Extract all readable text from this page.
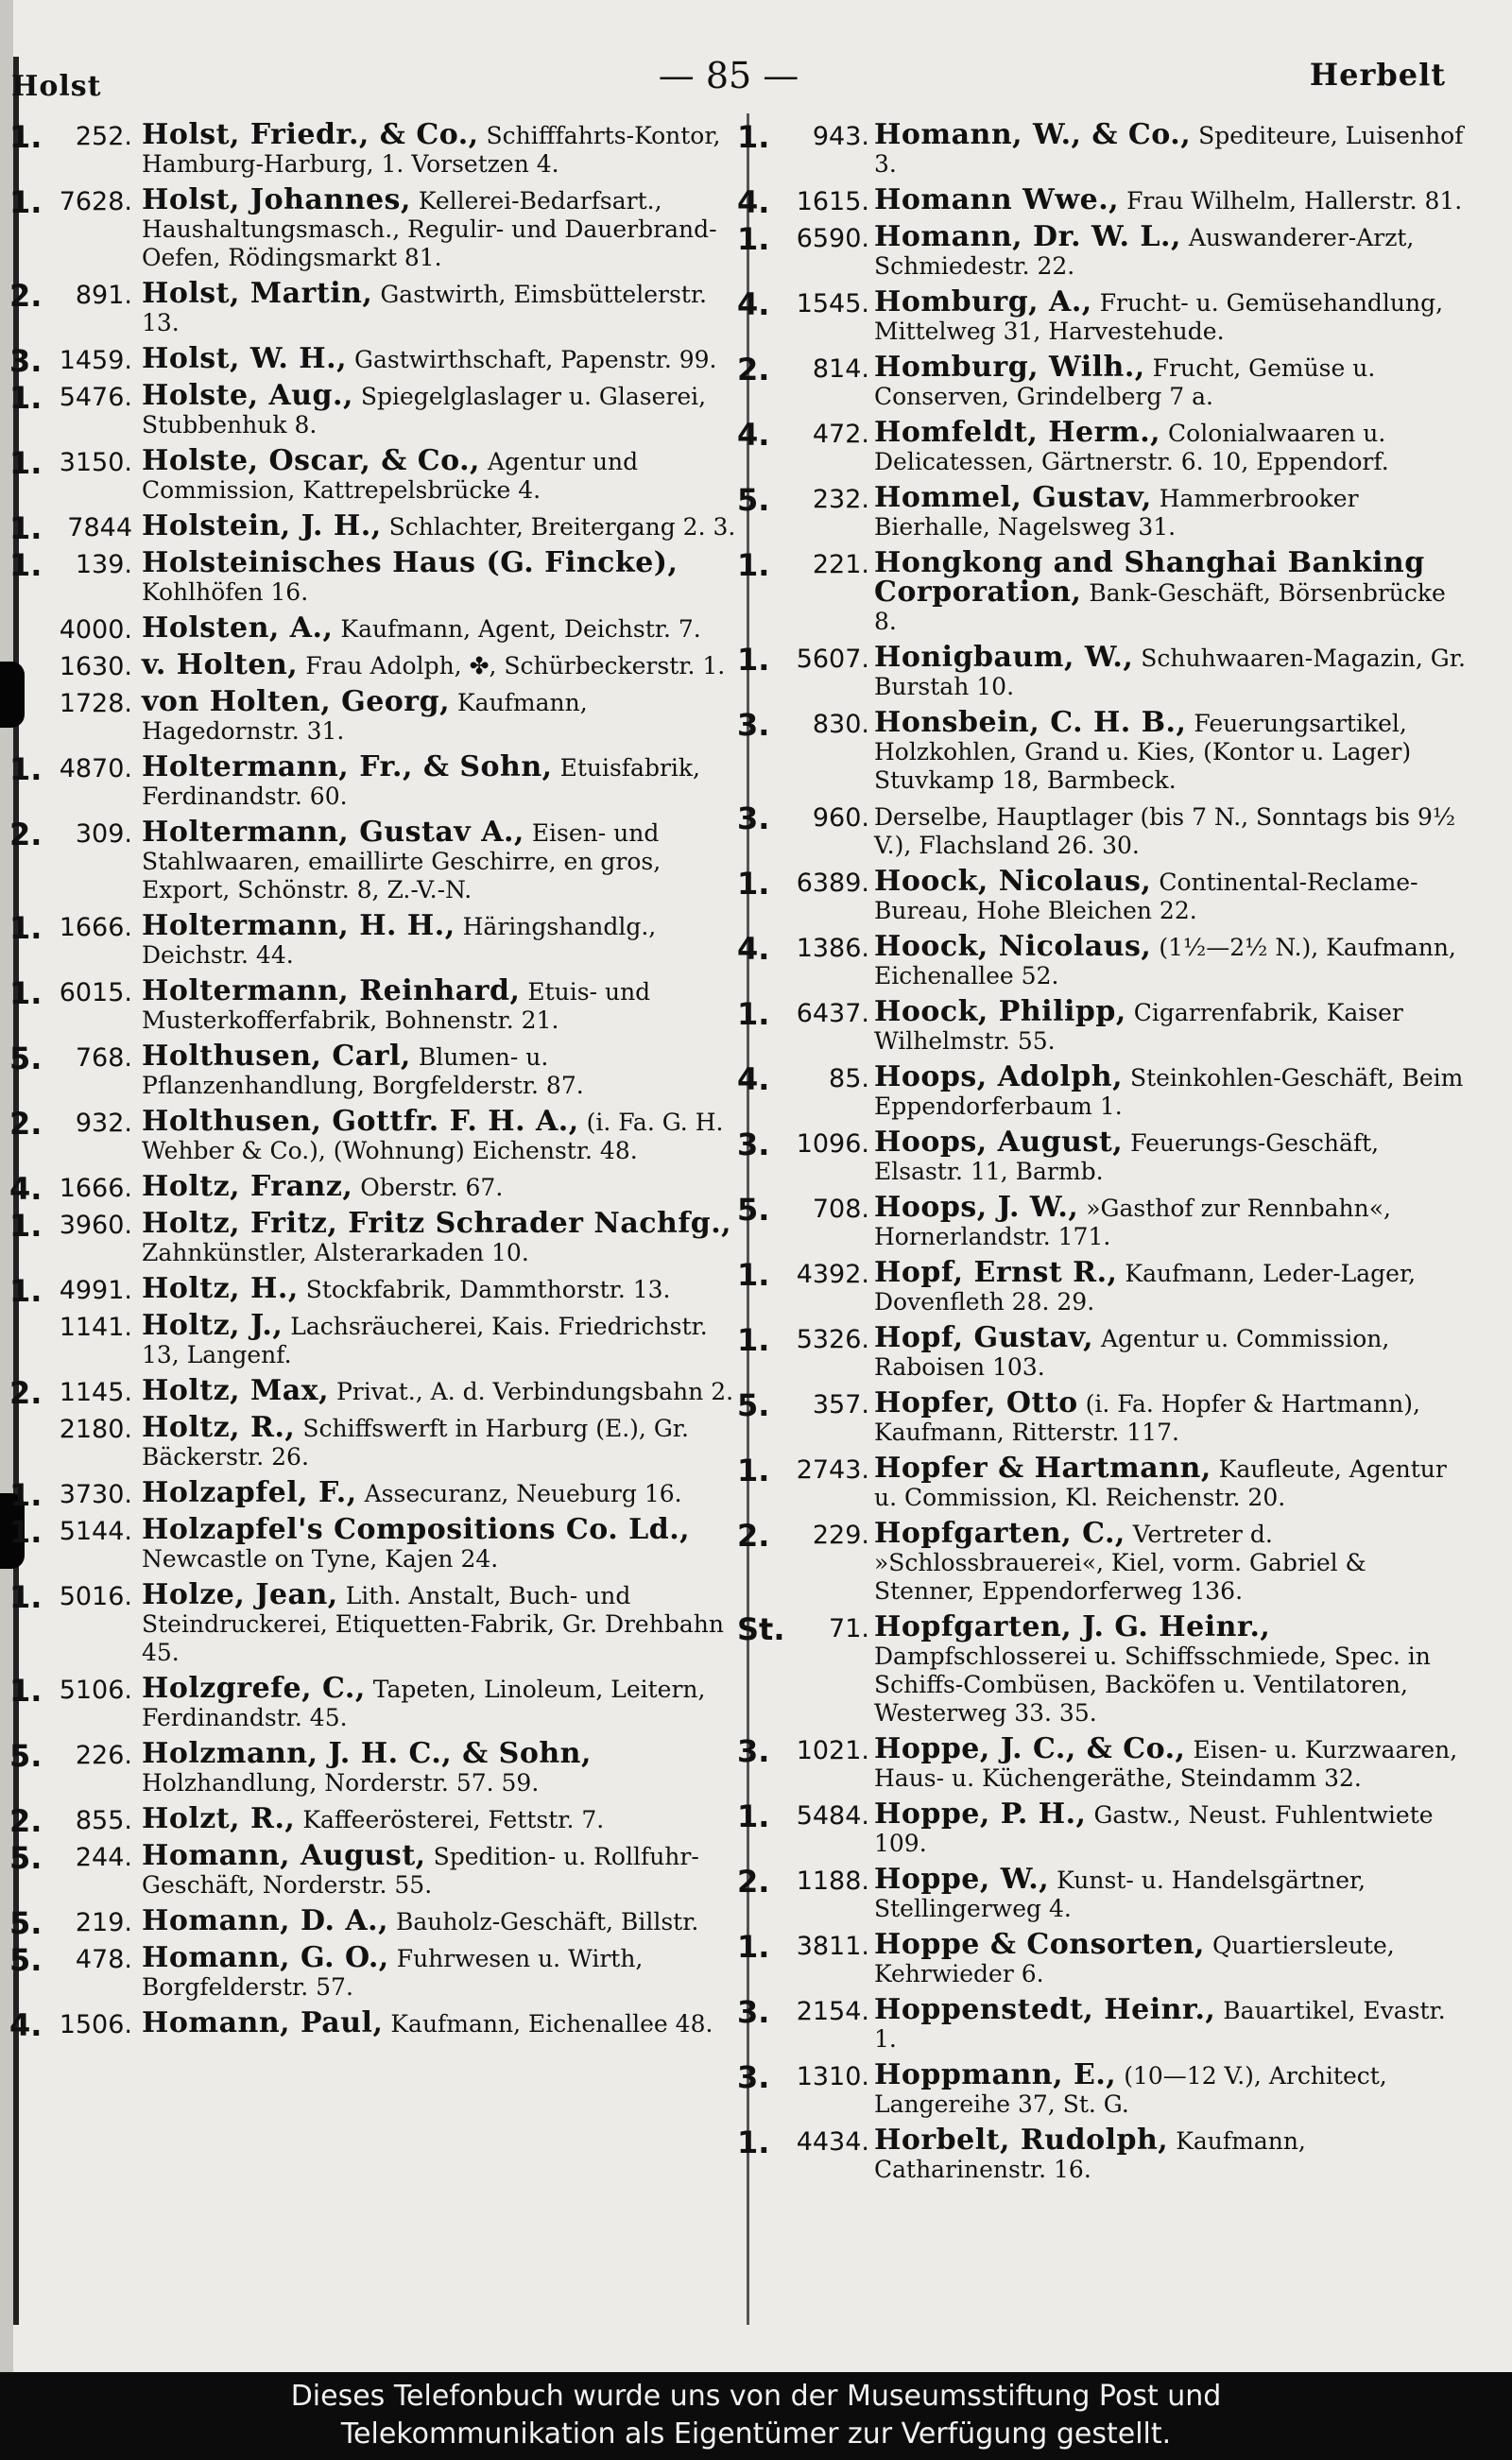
Holst	— 85 —	Herbelt
1.	252. Holst, Friedr., & Co., Schifffahrts-Kontor, Hamburg-Harburg, 1. Vorsetzen 4.
1. 7628. Holst, Johannes, Kellerei-Bedarfsart., Haushaltungsmasch., Regulir- und Dauerbrand-Oefen, Rödingsmarkt 81.
2.	891. Holst, Martin, Gastwirth, Eimsbüttelerstr. 13.
3. 1459. Holst, W. H., Gastwirthschaft, Papenstr. 99.
1. 5476. Holste, Aug., Spiegelglaslager u. Glaserei, Stubbenhuk 8.
1. 3150. Holste, Oscar, & Co., Agentur und Commission, Kattrepelsbrücke 4.
1. 7844 Holstein, J. H., Schlachter, Breitergang 2. 3.
1.	139. Holsteinisches Haus (G. Fincke), Kohlhöfen 16.
4000. Holsten, A., Kaufmann, Agent, Deichstr. 7.
1630. v. Holten, Frau Adolph, ✤, Schürbeckerstr. 1.
1728. von Holten, Georg, Kaufmann, Hagedornstr. 31.
1. 4870. Holtermann, Fr., & Sohn, Etuisfabrik, Ferdinandstr. 60.
2.	309. Holtermann, Gustav A., Eisen- und Stahlwaaren, emaillirte Geschirre, en gros, Export, Schönstr. 8, Z.-V.-N.
1. 1666. Holtermann, H. H., Häringshandlg., Deichstr. 44.
1. 6015. Holtermann, Reinhard, Etuis- und Musterkofferfabrik, Bohnenstr. 21.
5.	768. Holthusen, Carl, Blumen- u. Pflanzenhandlung, Borgfelderstr. 87.
2.	932. Holthusen, Gottfr. F. H. A., (i. Fa. G. H. Wehber & Co.), (Wohnung) Eichenstr. 48.
4. 1666. Holtz, Franz, Oberstr. 67.
1. 3960. Holtz, Fritz, Fritz Schrader Nachfg., Zahnkünstler, Alsterarkaden 10.
1. 4991. Holtz, H., Stockfabrik, Dammthorstr. 13.
1141. Holtz, J., Lachsräucherei, Kais. Friedrichstr. 13, Langenf.
2. 1145. Holtz, Max, Privat., A. d. Verbindungsbahn 2.
2180. Holtz, R., Schiffswerft in Harburg (E.), Gr. Bäckerstr. 26.
1. 3730. Holzapfel, F., Assecuranz, Neueburg 16.
1. 5144. Holzapfel's Compositions Co. Ld., Newcastle on Tyne, Kajen 24.
1. 5016. Holze, Jean, Lith. Anstalt, Buch- und Steindruckerei, Etiquetten-Fabrik, Gr. Drehbahn 45.
1. 5106. Holzgrefe, C., Tapeten, Linoleum, Leitern, Ferdinandstr. 45.
5.	226. Holzmann, J. H. C., & Sohn, Holzhandlung, Norderstr. 57. 59.
2.	855. Holzt, R., Kaffeerösterei, Fettstr. 7.
5.	244. Homann, August, Spedition- u. Rollfuhr-Geschäft, Norderstr. 55.
5.	219. Homann, D. A., Bauholz-Geschäft, Billstr.
5.	478. Homann, G. O., Fuhrwesen u. Wirth, Borgfelderstr. 57.
4. 1506. Homann, Paul, Kaufmann, Eichenallee 48.
1.	943. Homann, W., & Co., Spediteure, Luisenhof 3.
4.	1615. Homann Wwe., Frau Wilhelm, Hallerstr. 81.
1.	6590. Homann, Dr. W. L., Auswanderer-Arzt, Schmiedestr. 22.
4.	1545. Homburg, A., Frucht- u. Gemüsehandlung, Mittelweg 31, Harvestehude.
2.	814. Homburg, Wilh., Frucht, Gemüse u. Conserven, Grindelberg 7 a.
4.	472. Homfeldt, Herm., Colonialwaaren u. Delicatessen, Gärtnerstr. 6. 10, Eppendorf.
5.	232. Hommel, Gustav, Hammerbrooker Bierhalle, Nagelsweg 31.
1.	221. Hongkong and Shanghai Banking Corporation, Bank-Geschäft, Börsenbrücke 8.
1.	5607. Honigbaum, W., Schuhwaaren-Magazin, Gr. Burstah 10.
3.	830. Honsbein, C. H. B., Feuerungsartikel, Holzkohlen, Grand u. Kies, (Kontor u. Lager) Stuvkamp 18, Barmbeck.
3.	960. Derselbe, Hauptlager (bis 7 N., Sonntags bis 9½ V.), Flachsland 26. 30.
1.	6389. Hoock, Nicolaus, Continental-Reclame-Bureau, Hohe Bleichen 22.
4.	1386. Hoock, Nicolaus, (1½—2½ N.), Kaufmann, Eichenallee 52.
1.	6437. Hoock, Philipp, Cigarrenfabrik, Kaiser Wilhelmstr. 55.
4.	85. Hoops, Adolph, Steinkohlen-Geschäft, Beim Eppendorferbaum 1.
3.	1096. Hoops, August, Feuerungs-Geschäft, Elsastr. 11, Barmb.
5.	708. Hoops, J. W., »Gasthof zur Rennbahn«, Hornerlandstr. 171.
1.	4392. Hopf, Ernst R., Kaufmann, Leder-Lager, Dovenfleth 28. 29.
1.	5326. Hopf, Gustav, Agentur u. Commission, Raboisen 103.
5.	357. Hopfer, Otto (i. Fa. Hopfer & Hartmann), Kaufmann, Ritterstr. 117.
1.	2743. Hopfer & Hartmann, Kaufleute, Agentur u. Commission, Kl. Reichenstr. 20.
2.	229. Hopfgarten, C., Vertreter d. »Schlossbrauerei«, Kiel, vorm. Gabriel & Stenner, Eppendorferweg 136.
St.	71. Hopfgarten, J. G. Heinr., Dampfschlosserei u. Schiffsschmiede, Spec. in Schiffs-Combüsen, Backöfen u. Ventilatoren, Westerweg 33. 35.
3.	1021. Hoppe, J. C., & Co., Eisen- u. Kurzwaaren, Haus- u. Küchengeräthe, Steindamm 32.
1.	5484. Hoppe, P. H., Gastw., Neust. Fuhlentwiete 109.
2.	1188. Hoppe, W., Kunst- u. Handelsgärtner, Stellingerweg 4.
1.	3811. Hoppe & Consorten, Quartiersleute, Kehrwieder 6.
3.	2154. Hoppenstedt, Heinr., Bauartikel, Evastr. 1.
3.	1310. Hoppmann, E., (10—12 V.), Architect, Langereihe 37, St. G.
1.	4434. Horbelt, Rudolph, Kaufmann, Catharinenstr. 16.
Dieses Telefonbuch wurde uns von der Museumsstiftung Post und
Telekommunikation als Eigentümer zur Verfügung gestellt.
